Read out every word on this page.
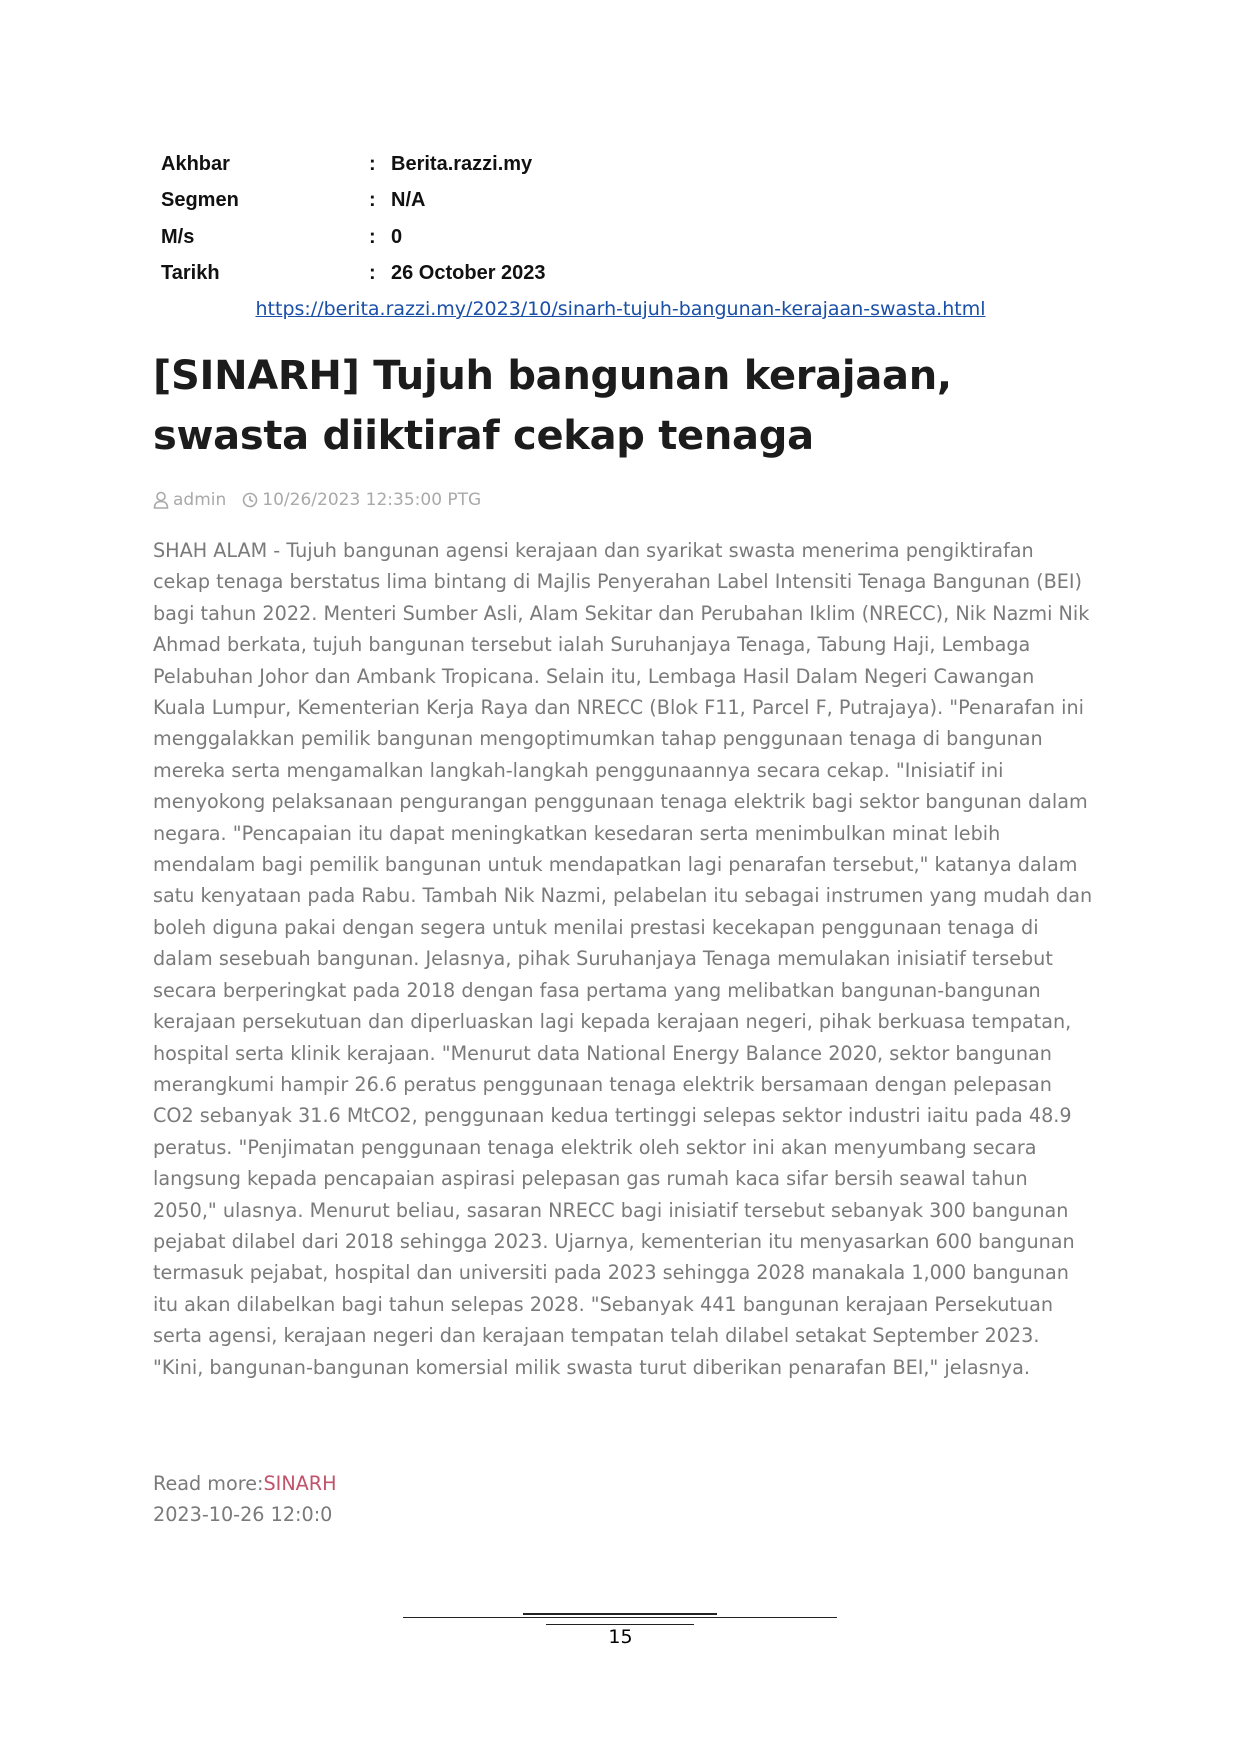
Akhbar	: Berita.razzi.my
Segmen	: N/A
M/s	: 0
Tarikh	: 26 October 2023
https://berita.razzi.my/2023/10/sinarh-tujuh-bangunan-kerajaan-swasta.html
[SINARH] Tujuh bangunan kerajaan, swasta diiktiraf cekap tenaga
admin 10/26/2023 12:35:00 PTG

SHAH ALAM - Tujuh bangunan agensi kerajaan dan syarikat swasta menerima pengiktirafan cekap tenaga berstatus lima bintang di Majlis Penyerahan Label Intensiti Tenaga Bangunan (BEI) bagi tahun 2022. Menteri Sumber Asli, Alam Sekitar dan Perubahan Iklim (NRECC), Nik Nazmi Nik Ahmad berkata, tujuh bangunan tersebut ialah Suruhanjaya Tenaga, Tabung Haji, Lembaga Pelabuhan Johor dan Ambank Tropicana. Selain itu, Lembaga Hasil Dalam Negeri Cawangan Kuala Lumpur, Kementerian Kerja Raya dan NRECC (Blok F11, Parcel F, Putrajaya). "Penarafan ini menggalakkan pemilik bangunan mengoptimumkan tahap penggunaan tenaga di bangunan mereka serta mengamalkan langkah-langkah penggunaannya secara cekap. "Inisiatif ini menyokong pelaksanaan pengurangan penggunaan tenaga elektrik bagi sektor bangunan dalam negara. "Pencapaian itu dapat meningkatkan kesedaran serta menimbulkan minat lebih mendalam bagi pemilik bangunan untuk mendapatkan lagi penarafan tersebut," katanya dalam satu kenyataan pada Rabu. Tambah Nik Nazmi, pelabelan itu sebagai instrumen yang mudah dan boleh diguna pakai dengan segera untuk menilai prestasi kecekapan penggunaan tenaga di dalam sesebuah bangunan. Jelasnya, pihak Suruhanjaya Tenaga memulakan inisiatif tersebut secara berperingkat pada 2018 dengan fasa pertama yang melibatkan bangunan-bangunan kerajaan persekutuan dan diperluaskan lagi kepada kerajaan negeri, pihak berkuasa tempatan, hospital serta klinik kerajaan. "Menurut data National Energy Balance 2020, sektor bangunan merangkumi hampir 26.6 peratus penggunaan tenaga elektrik bersamaan dengan pelepasan CO2 sebanyak 31.6 MtCO2, penggunaan kedua tertinggi selepas sektor industri iaitu pada 48.9 peratus. "Penjimatan penggunaan tenaga elektrik oleh sektor ini akan menyumbang secara langsung kepada pencapaian aspirasi pelepasan gas rumah kaca sifar bersih seawal tahun 2050," ulasnya. Menurut beliau, sasaran NRECC bagi inisiatif tersebut sebanyak 300 bangunan pejabat dilabel dari 2018 sehingga 2023. Ujarnya, kementerian itu menyasarkan 600 bangunan termasuk pejabat, hospital dan universiti pada 2023 sehingga 2028 manakala 1,000 bangunan itu akan dilabelkan bagi tahun selepas 2028. "Sebanyak 441 bangunan kerajaan Persekutuan serta agensi, kerajaan negeri dan kerajaan tempatan telah dilabel setakat September 2023. "Kini, bangunan-bangunan komersial milik swasta turut diberikan penarafan BEI," jelasnya.

Read more:SINARH
2023-10-26 12:0:0
15
